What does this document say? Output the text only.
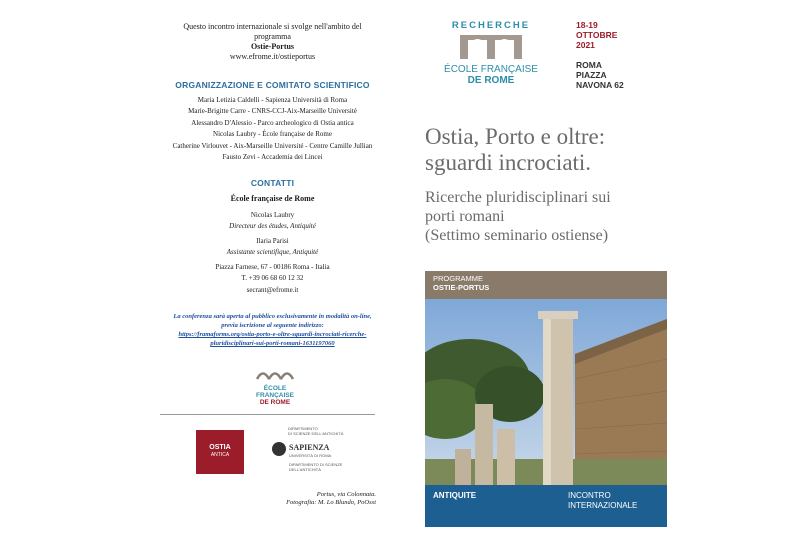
Questo incontro internazionale si svolge nell'ambito del
programma
Ostie-Portus
www.efrome.it/ostieportus
ORGANIZZAZIONE E COMITATO SCIENTIFICO
Maria Letizia Caldelli - Sapienza Università di Roma
Marie-Brigitte Carre - CNRS-CCJ-Aix-Marseille Université
Alessandro D'Alessio - Parco archeologico di Ostia antica
Nicolas Laubry - École française de Rome
Catherine Virlouvet - Aix-Marseille Université - Centre Camille Jullian
Fausto Zevi - Accademia dei Lincei
CONTATTI
École française de Rome
Nicolas Laubry
Directeur des études, Antiquité
Ilaria Parisi
Assistante scientifique, Antiquité
Piazza Farnese, 67 - 00186 Roma - Italia
T. +39 06 68 60 12 32
secrant@efrome.it
La conferenza sarà aperta al pubblico esclusivamente in modalità on-line,
previa iscrizione al seguente indirizzo:
https://framaforms.org/ostia-porto-e-oltre-sguardi-incrociati-ricerche-
pluridisciplinari-sui-porti-romani-1631197060
ÉCOLE FRANÇAISE
DE ROME
OSTIA
ANTICA
DIPARTIMENTO
DI SCIENZE DELL'ANTICHITÀ
SAPIENZA
UNIVERSITÀ DI ROMA
DIPARTIMENTO DI SCIENZE
DELL'ANTICHITÀ
Portus, via Colonnata.
Fotografia: M. Lo Blundo, PoOsst
RECHERCHE
ÉCOLE FRANÇAISE
DE ROME
18-19
OTTOBRE
2021
ROMA
PIAZZA
NAVONA 62
Ostia, Porto e oltre:
sguardi incrociati.
Ricerche pluridisciplinari sui
porti romani
(Settimo seminario ostiense)
PROGRAMME
OSTIE-PORTUS
ANTIQUITE	INCONTRO
INTERNAZIONALE
